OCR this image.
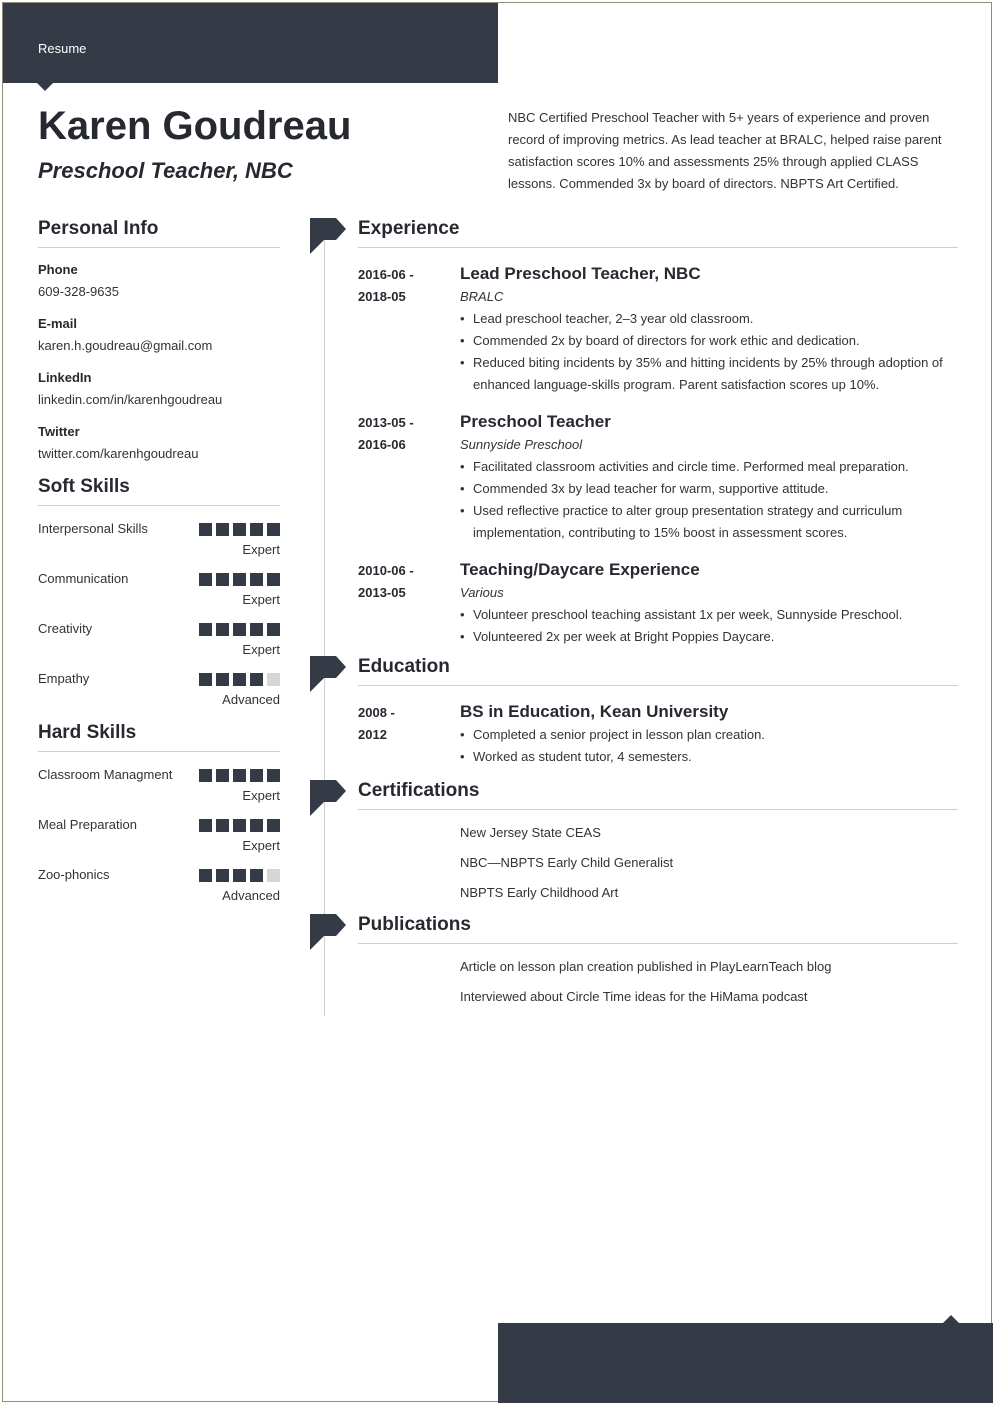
Resume
Karen Goudreau
Preschool Teacher, NBC

NBC Certified Preschool Teacher with 5+ years of experience and proven record of improving metrics. As lead teacher at BRALC, helped raise parent satisfaction scores 10% and assessments 25% through applied CLASS lessons. Commended 3x by board of directors. NBPTS Art Certified.

Personal Info
Phone
609-328-9635
E-mail
karen.h.goudreau@gmail.com
LinkedIn
linkedin.com/in/karenhgoudreau
Twitter
twitter.com/karenhgoudreau
Soft Skills
Interpersonal Skills
Expert
Communication
Expert
Creativity
Expert
Empathy
Advanced
Hard Skills
Classroom Managment
Expert
Meal Preparation
Expert
Zoo-phonics
Advanced
Experience
2016-06 -
2018-05
Lead Preschool Teacher, NBC
BRALC
• Lead preschool teacher, 2–3 year old classroom.
• Commended 2x by board of directors for work ethic and dedication.
• Reduced biting incidents by 35% and hitting incidents by 25% through adoption of enhanced language-skills program. Parent satisfaction scores up 10%.
2013-05 -
2016-06
Preschool Teacher
Sunnyside Preschool
• Facilitated classroom activities and circle time. Performed meal preparation.
• Commended 3x by lead teacher for warm, supportive attitude.
• Used reflective practice to alter group presentation strategy and curriculum implementation, contributing to 15% boost in assessment scores.
2010-06 -
2013-05
Teaching/Daycare Experience
Various
• Volunteer preschool teaching assistant 1x per week, Sunnyside Preschool.
• Volunteered 2x per week at Bright Poppies Daycare.
Education
2008 -
2012
BS in Education, Kean University
• Completed a senior project in lesson plan creation.
• Worked as student tutor, 4 semesters.
Certifications
New Jersey State CEAS
NBC—NBPTS Early Child Generalist
NBPTS Early Childhood Art
Publications
Article on lesson plan creation published in PlayLearnTeach blog
Interviewed about Circle Time ideas for the HiMama podcast
